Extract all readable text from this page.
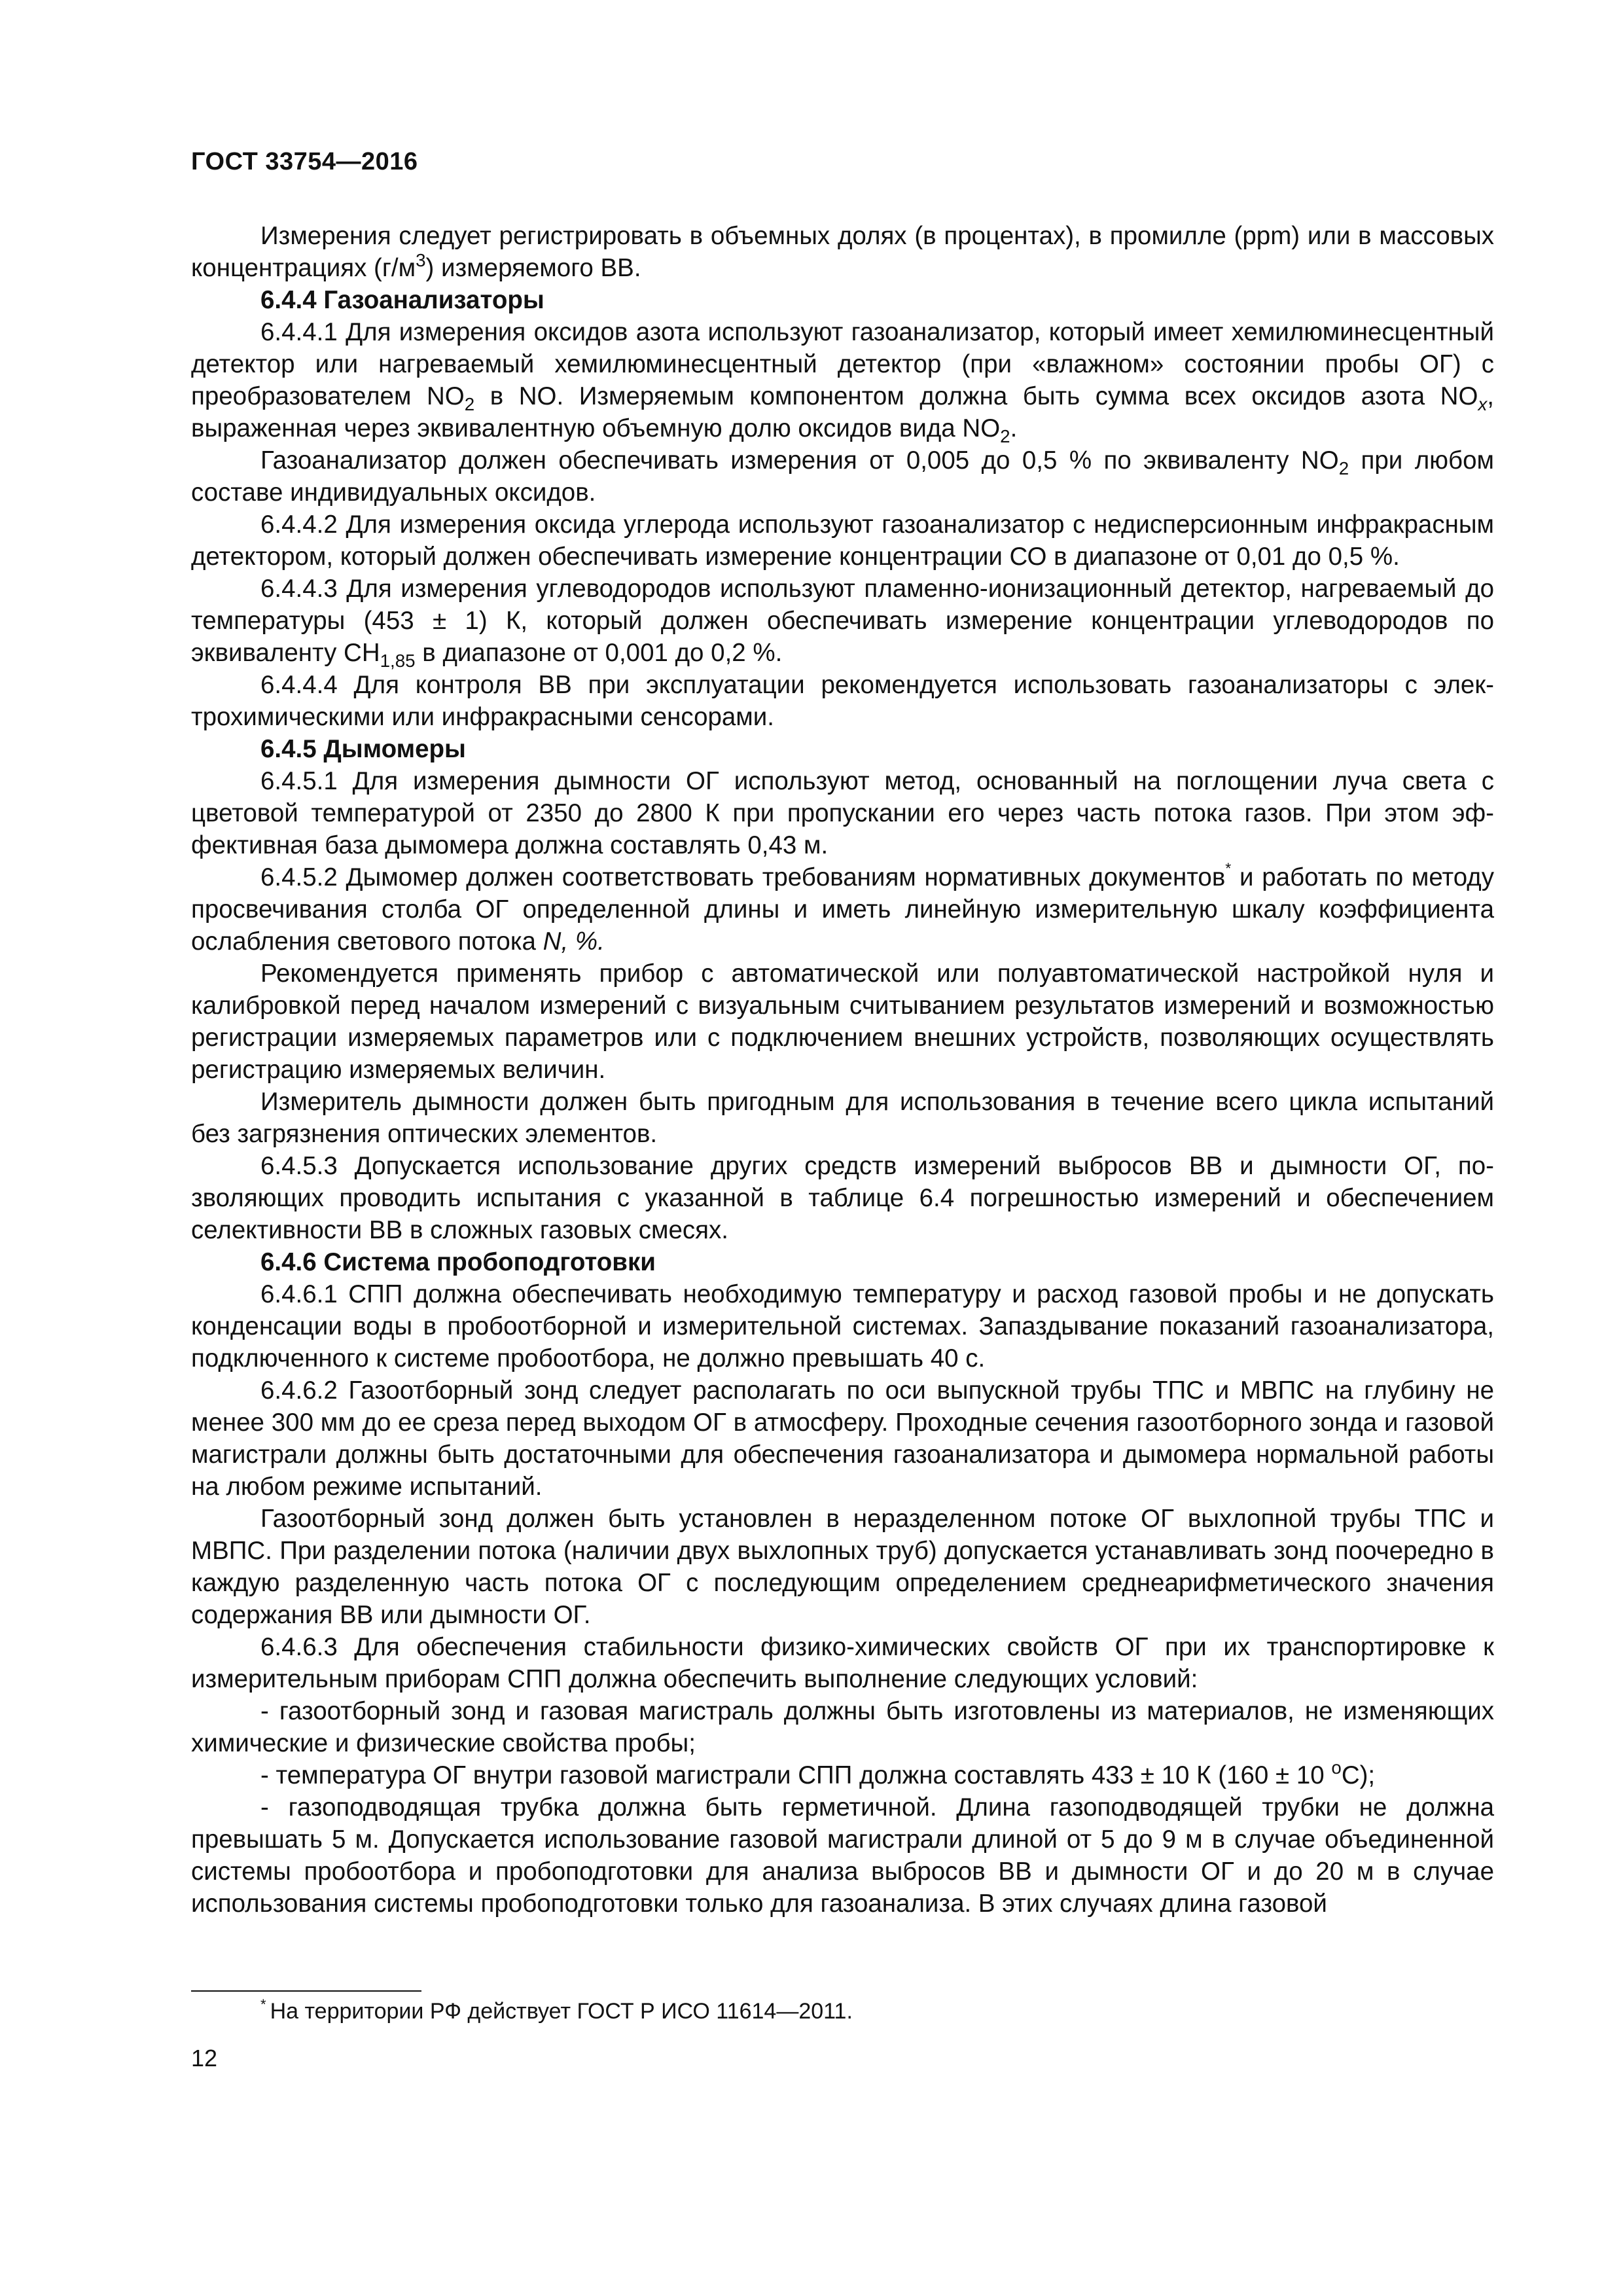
ГОСТ 33754—2016

Измерения следует регистрировать в объемных долях (в процентах), в промилле (ppm) или в массовых концентрациях $(г/м^3)$ измеряемого ВВ.

6.4.4 Газоанализаторы

6.4.4.1 Для измерения оксидов азота используют газоанализатор, который имеет хемилюминесцентный детектор или нагреваемый хемилюминесцентный детектор (при «влажном» состоянии пробы ОГ) с преобразователем $NO_2$ в NO. Измеряемым компонентом должна быть сумма всех оксидов азота $NO_x$, выраженная через эквивалентную объемную долю оксидов вида $NO_2$.

Газоанализатор должен обеспечивать измерения от 0,005 до 0,5 % по эквиваленту $NO_2$ при любом составе индивидуальных оксидов.

6.4.4.2 Для измерения оксида углерода используют газоанализатор с недисперсионным инфракрасным детектором, который должен обеспечивать измерение концентрации СО в диапазоне от 0,01 до 0,5 %.

6.4.4.3 Для измерения углеводородов используют пламенно-ионизационный детектор, нагреваемый до температуры (453 ± 1) К, который должен обеспечивать измерение концентрации углеводородов по эквиваленту $СН_{1,85}$ в диапазоне от 0,001 до 0,2 %.

6.4.4.4 Для контроля ВВ при эксплуатации рекомендуется использовать газоанализаторы с электрохимическими или инфракрасными сенсорами.

6.4.5 Дымомеры

6.4.5.1 Для измерения дымности ОГ используют метод, основанный на поглощении луча света с цветовой температурой от 2350 до 2800 К при пропускании его через часть потока газов. При этом эффективная база дымомера должна составлять 0,43 м.

6.4.5.2 Дымомер должен соответствовать требованиям нормативных документов* и работать по методу просвечивания столба ОГ определенной длины и иметь линейную измерительную шкалу коэффициента ослабления светового потока N, %.

Рекомендуется применять прибор с автоматической или полуавтоматической настройкой нуля и калибровкой перед началом измерений с визуальным считыванием результатов измерений и возможностью регистрации измеряемых параметров или с подключением внешних устройств, позволяющих осуществлять регистрацию измеряемых величин.

Измеритель дымности должен быть пригодным для использования в течение всего цикла испытаний без загрязнения оптических элементов.

6.4.5.3 Допускается использование других средств измерений выбросов ВВ и дымности ОГ, позволяющих проводить испытания с указанной в таблице 6.4 погрешностью измерений и обеспечением селективности ВВ в сложных газовых смесях.

6.4.6 Система пробоподготовки

6.4.6.1 СПП должна обеспечивать необходимую температуру и расход газовой пробы и не допускать конденсации воды в пробоотборной и измерительной системах. Запаздывание показаний газоанализатора, подключенного к системе пробоотбора, не должно превышать 40 с.

6.4.6.2 Газоотборный зонд следует располагать по оси выпускной трубы ТПС и МВПС на глубину не менее 300 мм до ее среза перед выходом ОГ в атмосферу. Проходные сечения газоотборного зонда и газовой магистрали должны быть достаточными для обеспечения газоанализатора и дымомера нормальной работы на любом режиме испытаний.

Газоотборный зонд должен быть установлен в неразделенном потоке ОГ выхлопной трубы ТПС и МВПС. При разделении потока (наличии двух выхлопных труб) допускается устанавливать зонд поочередно в каждую разделенную часть потока ОГ с последующим определением среднеарифметического значения содержания ВВ или дымности ОГ.

6.4.6.3 Для обеспечения стабильности физико-химических свойств ОГ при их транспортировке к измерительным приборам СПП должна обеспечить выполнение следующих условий:

- газоотборный зонд и газовая магистраль должны быть изготовлены из материалов, не изменяющих химические и физические свойства пробы;

- температура ОГ внутри газовой магистрали СПП должна составлять 433 ± 10 К (160 ± 10 $^о$С);

- газоподводящая трубка должна быть герметичной. Длина газоподводящей трубки не должна превышать 5 м. Допускается использование газовой магистрали длиной от 5 до 9 м в случае объединенной системы пробоотбора и пробоподготовки для анализа выбросов ВВ и дымности ОГ и до 20 м в случае использования системы пробоподготовки только для газоанализа. В этих случаях длина газовой

* На территории РФ действует ГОСТ Р ИСО 11614—2011.
12
